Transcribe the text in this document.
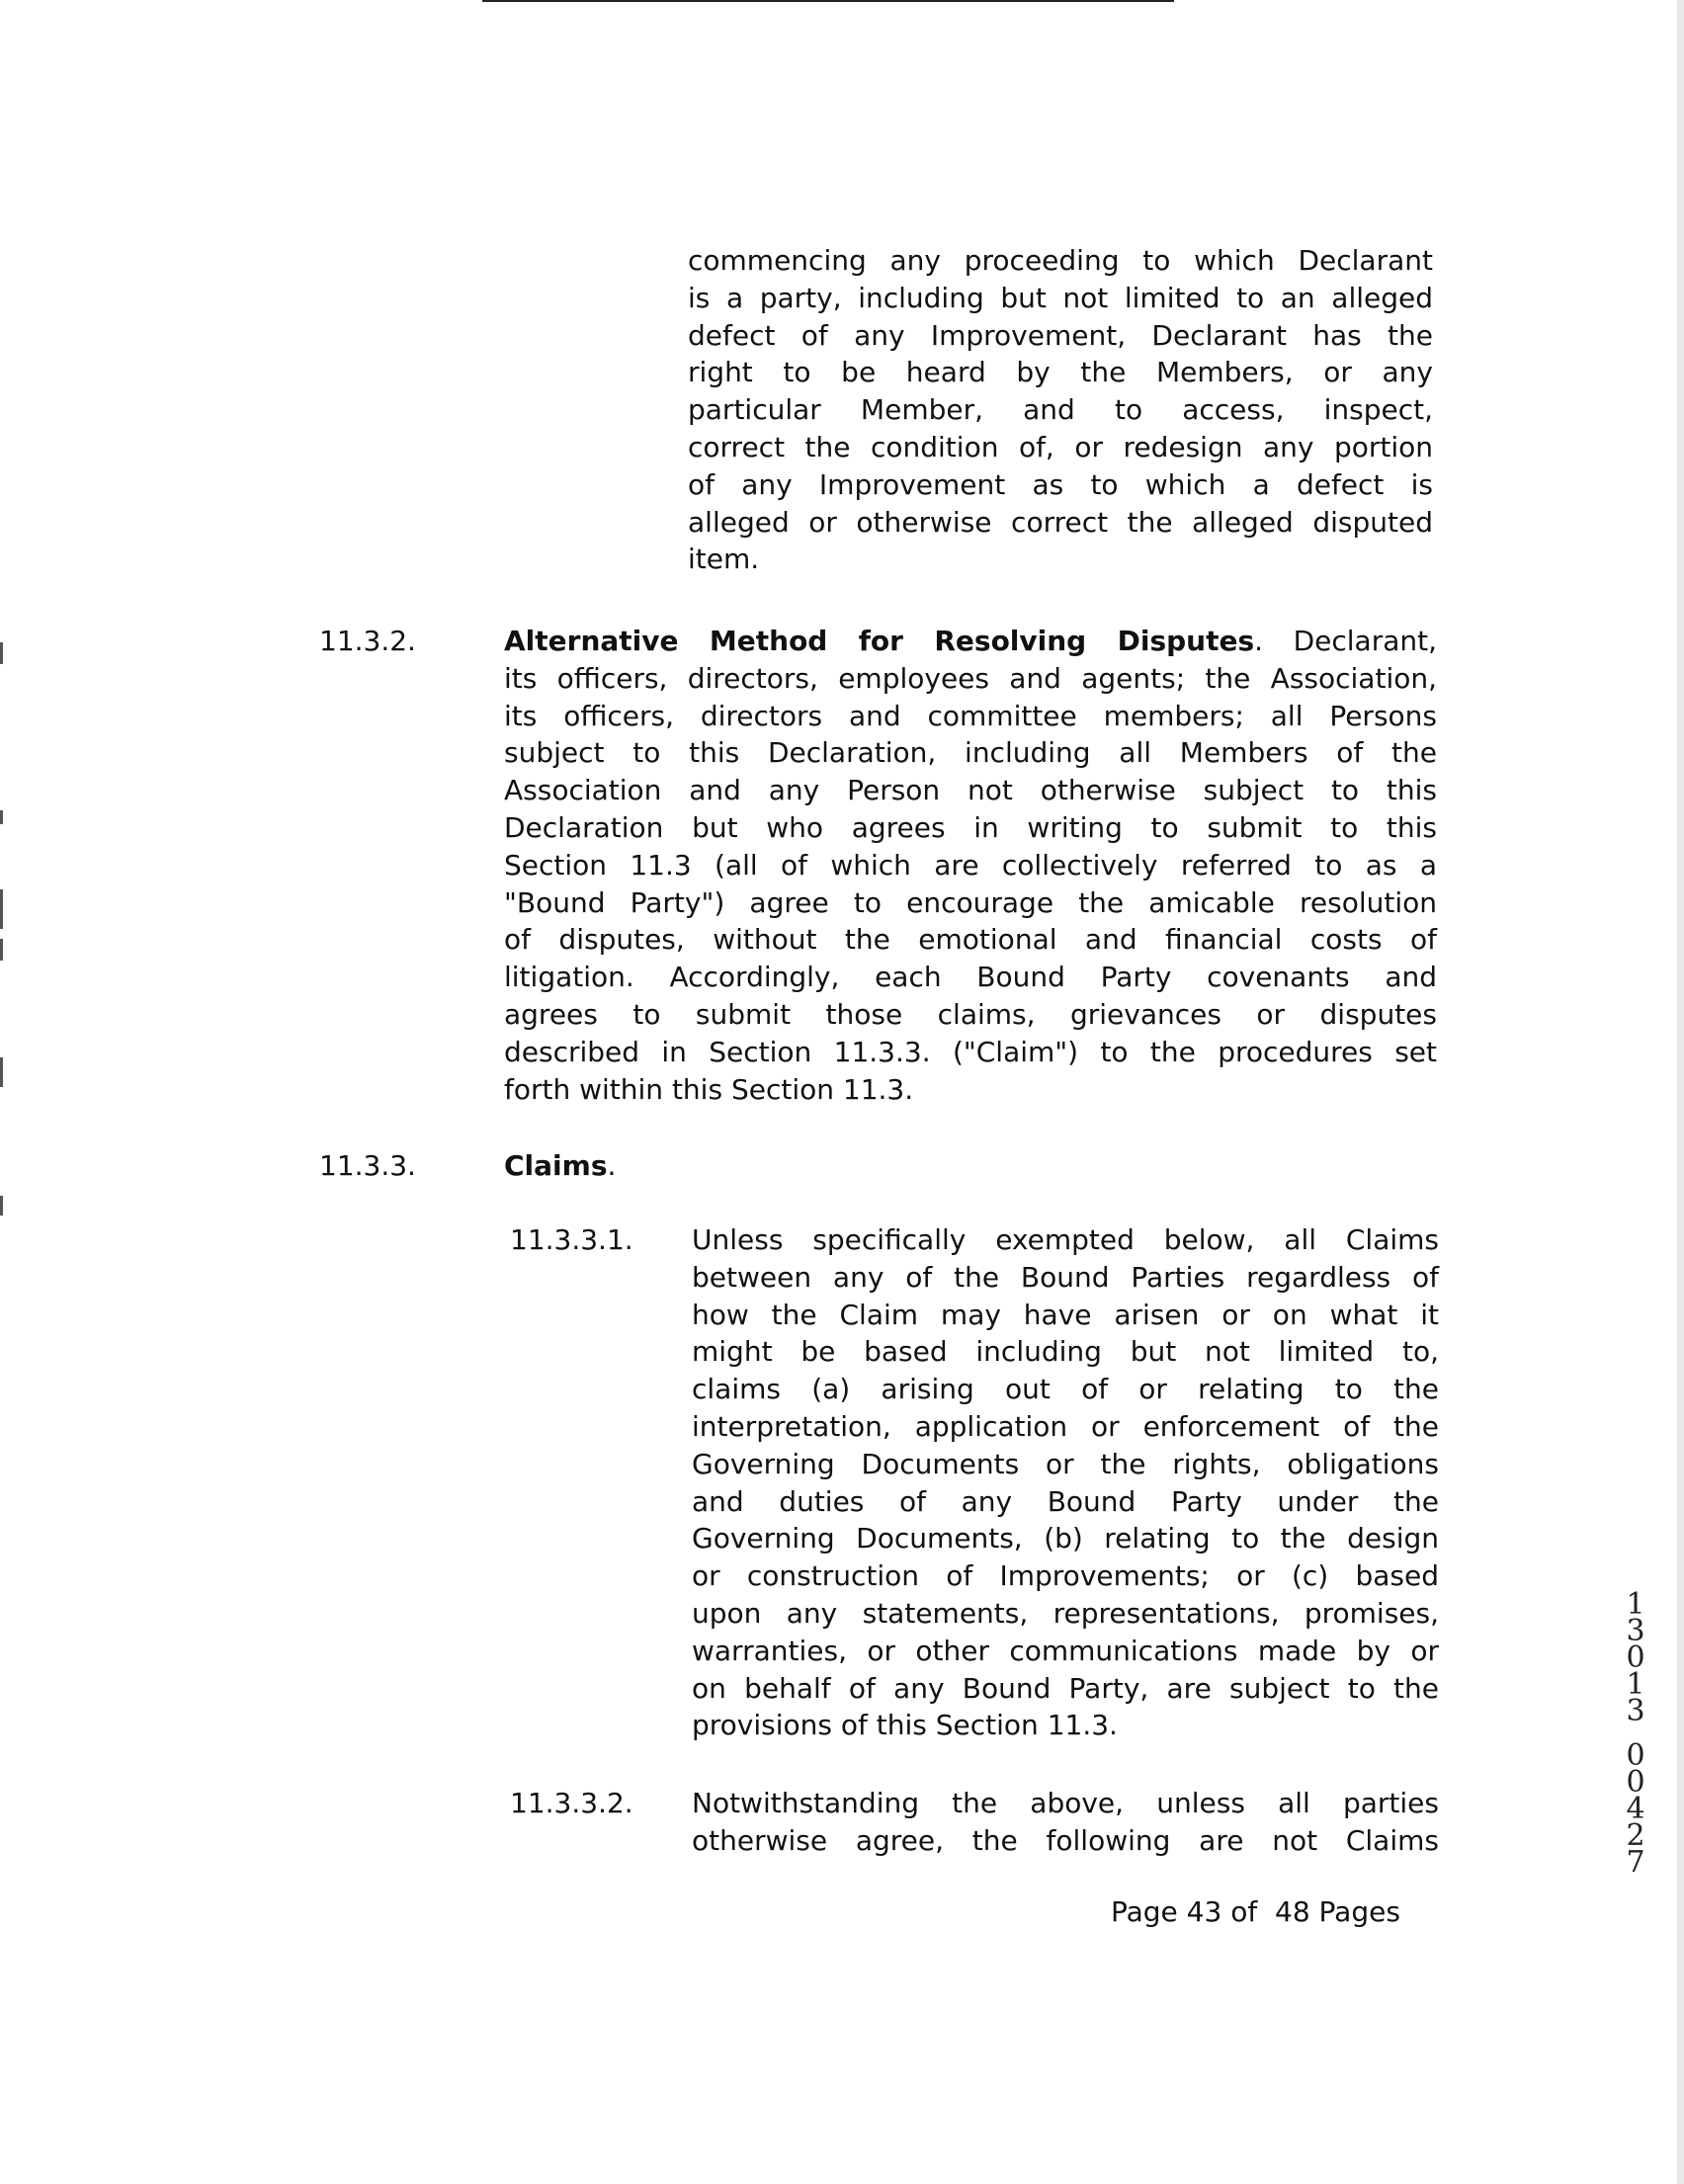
commencing any proceeding to which Declarant
is a party, including but not limited to an alleged
defect of any Improvement, Declarant has the
right to be heard by the Members, or any
particular Member, and to access, inspect,
correct the condition of, or redesign any portion
of any Improvement as to which a defect is
alleged or otherwise correct the alleged disputed
item.
11.3.2.	Alternative Method for Resolving Disputes. Declarant,
its officers, directors, employees and agents; the Association,
its officers, directors and committee members; all Persons
subject to this Declaration, including all Members of the
Association and any Person not otherwise subject to this
Declaration but who agrees in writing to submit to this
Section 11.3 (all of which are collectively referred to as a
"Bound Party") agree to encourage the amicable resolution
of disputes, without the emotional and financial costs of
litigation. Accordingly, each Bound Party covenants and
agrees to submit those claims, grievances or disputes
described in Section 11.3.3. ("Claim") to the procedures set
forth within this Section 11.3.
11.3.3.	Claims.
11.3.3.1. Unless specifically exempted below, all Claims
between any of the Bound Parties regardless of
how the Claim may have arisen or on what it
might be based including but not limited to,
claims (a) arising out of or relating to the
interpretation, application or enforcement of the
Governing Documents or the rights, obligations
and duties of any Bound Party under the
Governing Documents, (b) relating to the design
or construction of Improvements; or (c) based
upon any statements, representations, promises,
warranties, or other communications made by or
on behalf of any Bound Party, are subject to the
provisions of this Section 11.3.
11.3.3.2. Notwithstanding the above, unless all parties
otherwise agree, the following are not Claims
Page 43 of  48 Pages
1
3
0
1
3
0
0
4
2
7
